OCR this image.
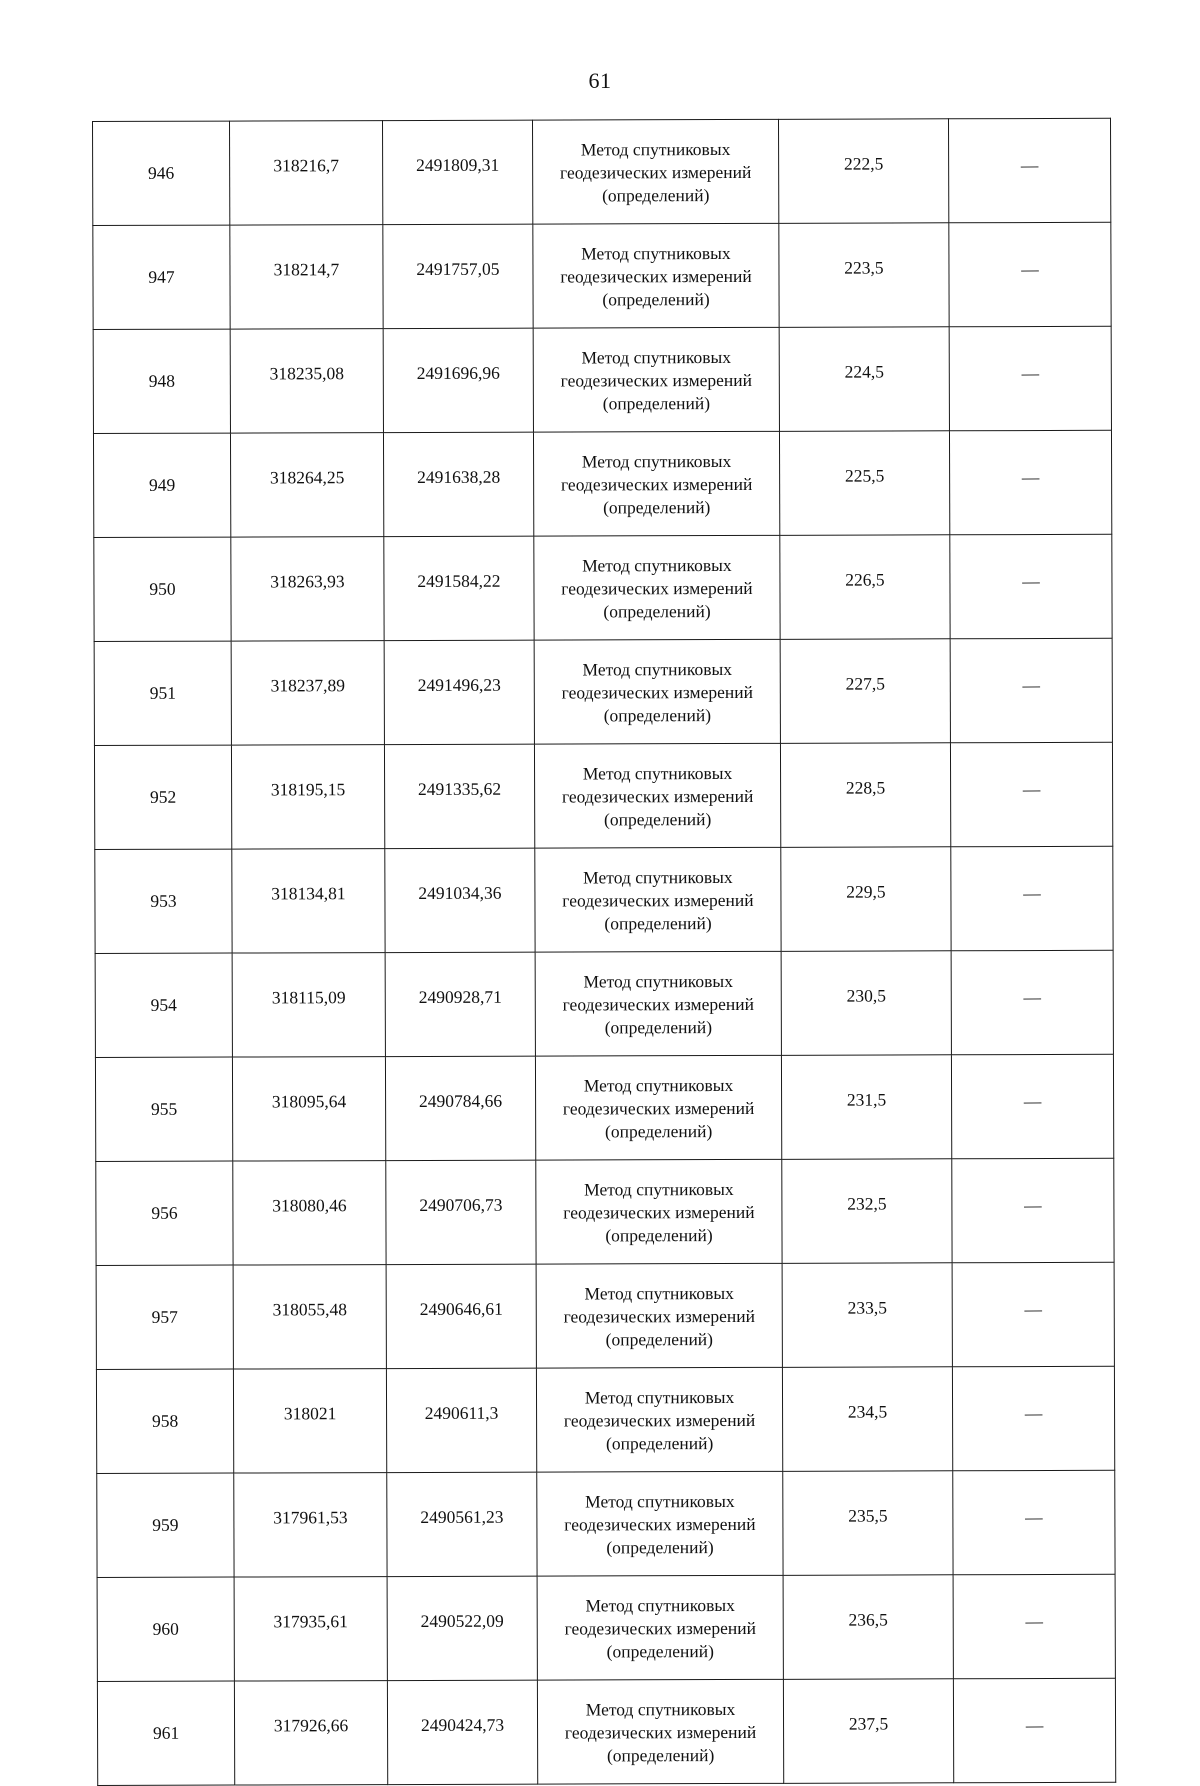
61
946	318216,7	2491809,31	Метод спутниковых
геодезических измерений
(определений)	222,5	—
947	318214,7	2491757,05	Метод спутниковых
геодезических измерений
(определений)	223,5	—
948	318235,08	2491696,96	Метод спутниковых
геодезических измерений
(определений)	224,5	—
949	318264,25	2491638,28	Метод спутниковых
геодезических измерений
(определений)	225,5	—
950	318263,93	2491584,22	Метод спутниковых
геодезических измерений
(определений)	226,5	—
951	318237,89	2491496,23	Метод спутниковых
геодезических измерений
(определений)	227,5	—
952	318195,15	2491335,62	Метод спутниковых
геодезических измерений
(определений)	228,5	—
953	318134,81	2491034,36	Метод спутниковых
геодезических измерений
(определений)	229,5	—
954	318115,09	2490928,71	Метод спутниковых
геодезических измерений
(определений)	230,5	—
955	318095,64	2490784,66	Метод спутниковых
геодезических измерений
(определений)	231,5	—
956	318080,46	2490706,73	Метод спутниковых
геодезических измерений
(определений)	232,5	—
957	318055,48	2490646,61	Метод спутниковых
геодезических измерений
(определений)	233,5	—
958	318021	2490611,3	Метод спутниковых
геодезических измерений
(определений)	234,5	—
959	317961,53	2490561,23	Метод спутниковых
геодезических измерений
(определений)	235,5	—
960	317935,61	2490522,09	Метод спутниковых
геодезических измерений
(определений)	236,5	—
961	317926,66	2490424,73	Метод спутниковых
геодезических измерений
(определений)	237,5	—
